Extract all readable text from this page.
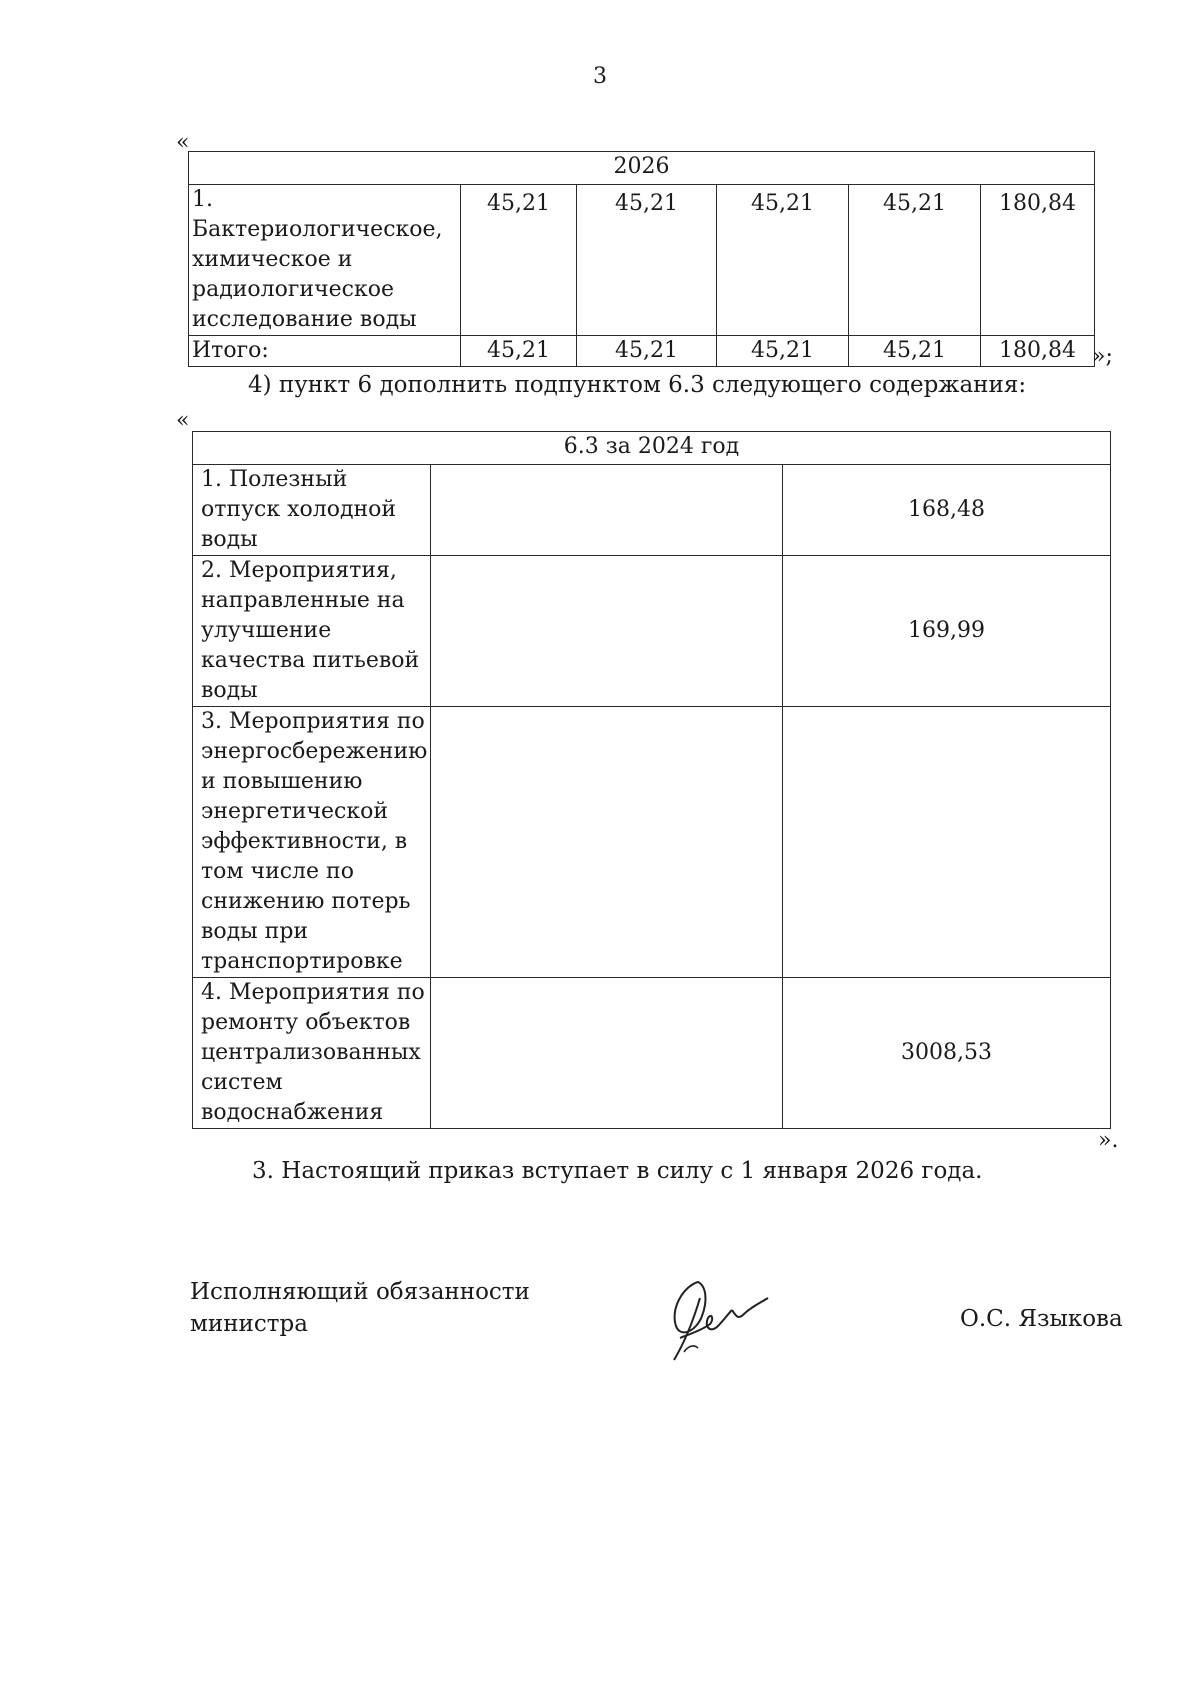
3
«
2026					
1. Бактериологическое, химическое и радиологическое исследование воды	45,21	45,21	45,21	45,21	180,84
Итого:	45,21	45,21	45,21	45,21	180,84 »;
4) пункт 6 дополнить подпунктом 6.3 следующего содержания:
«
6.3 за 2024 год		
1. Полезный отпуск холодной воды		168,48
2. Мероприятия, направленные на улучшение качества питьевой воды		169,99
3. Мероприятия по энергосбережению и повышению энергетической эффективности, в том числе по снижению потерь воды при транспортировке		
4. Мероприятия по ремонту объектов централизованных систем водоснабжения		3008,53
».
3. Настоящий приказ вступает в силу с 1 января 2026 года.
Исполняющий обязанности
министра	О.С. Языкова
